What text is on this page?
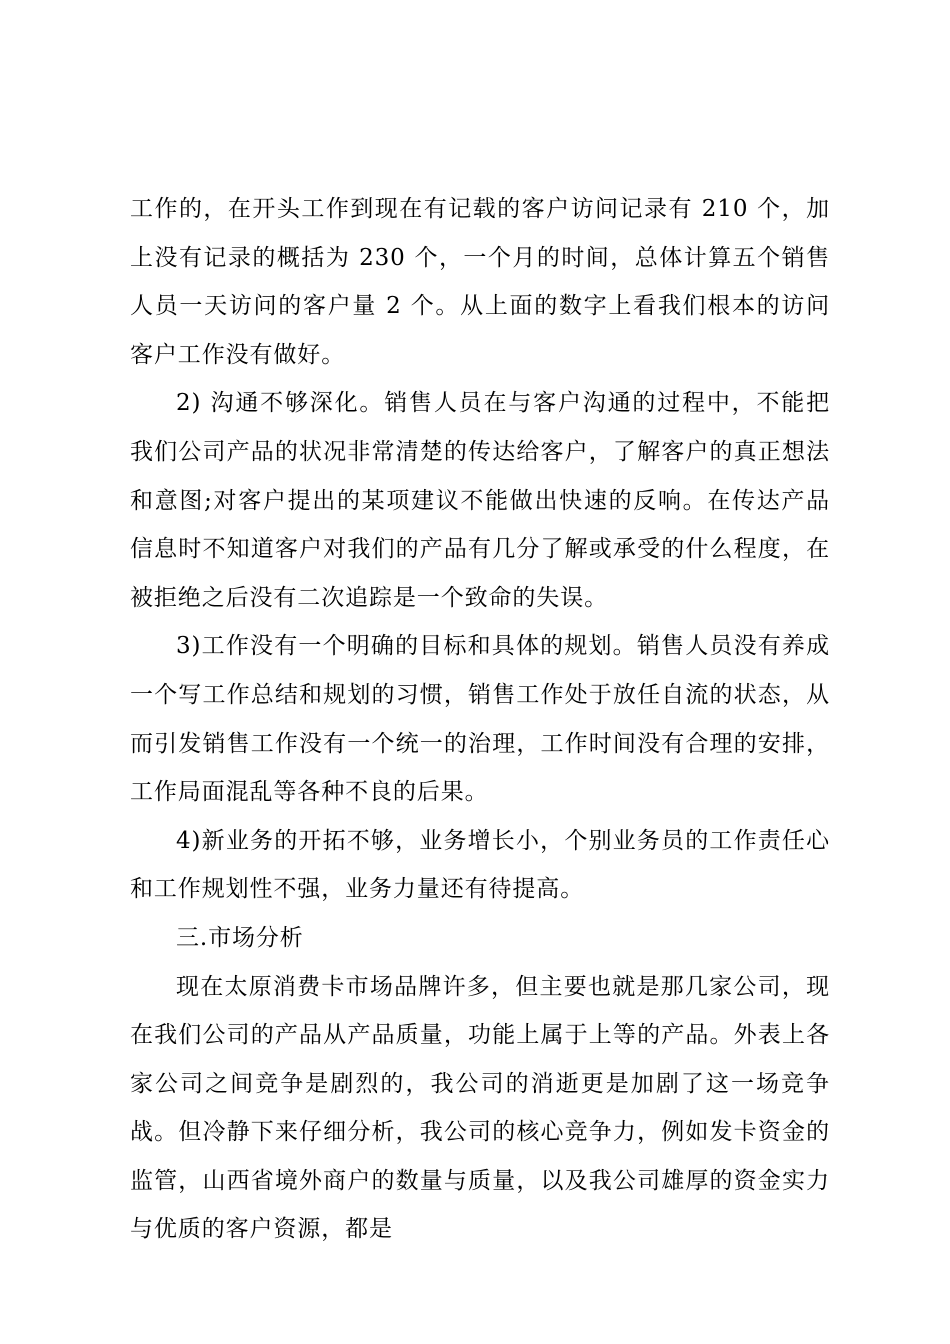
工作的，在开头工作到现在有记载的客户访问记录有 210 个，加上没有记录的概括为 230 个，一个月的时间，总体计算五个销售人员一天访问的客户量 2 个。从上面的数字上看我们根本的访问客户工作没有做好。

2) 沟通不够深化。销售人员在与客户沟通的过程中，不能把我们公司产品的状况非常清楚的传达给客户，了解客户的真正想法和意图;对客户提出的某项建议不能做出快速的反响。在传达产品信息时不知道客户对我们的产品有几分了解或承受的什么程度，在被拒绝之后没有二次追踪是一个致命的失误。

3)工作没有一个明确的目标和具体的规划。销售人员没有养成一个写工作总结和规划的习惯，销售工作处于放任自流的状态，从而引发销售工作没有一个统一的治理，工作时间没有合理的安排，工作局面混乱等各种不良的后果。

4)新业务的开拓不够，业务增长小，个别业务员的工作责任心和工作规划性不强，业务力量还有待提高。

三.市场分析

现在太原消费卡市场品牌许多，但主要也就是那几家公司，现在我们公司的产品从产品质量，功能上属于上等的产品。外表上各家公司之间竞争是剧烈的，我公司的消逝更是加剧了这一场竞争战。但冷静下来仔细分析，我公司的核心竞争力，例如发卡资金的监管，山西省境外商户的数量与质量，以及我公司雄厚的资金实力与优质的客户资源，都是
